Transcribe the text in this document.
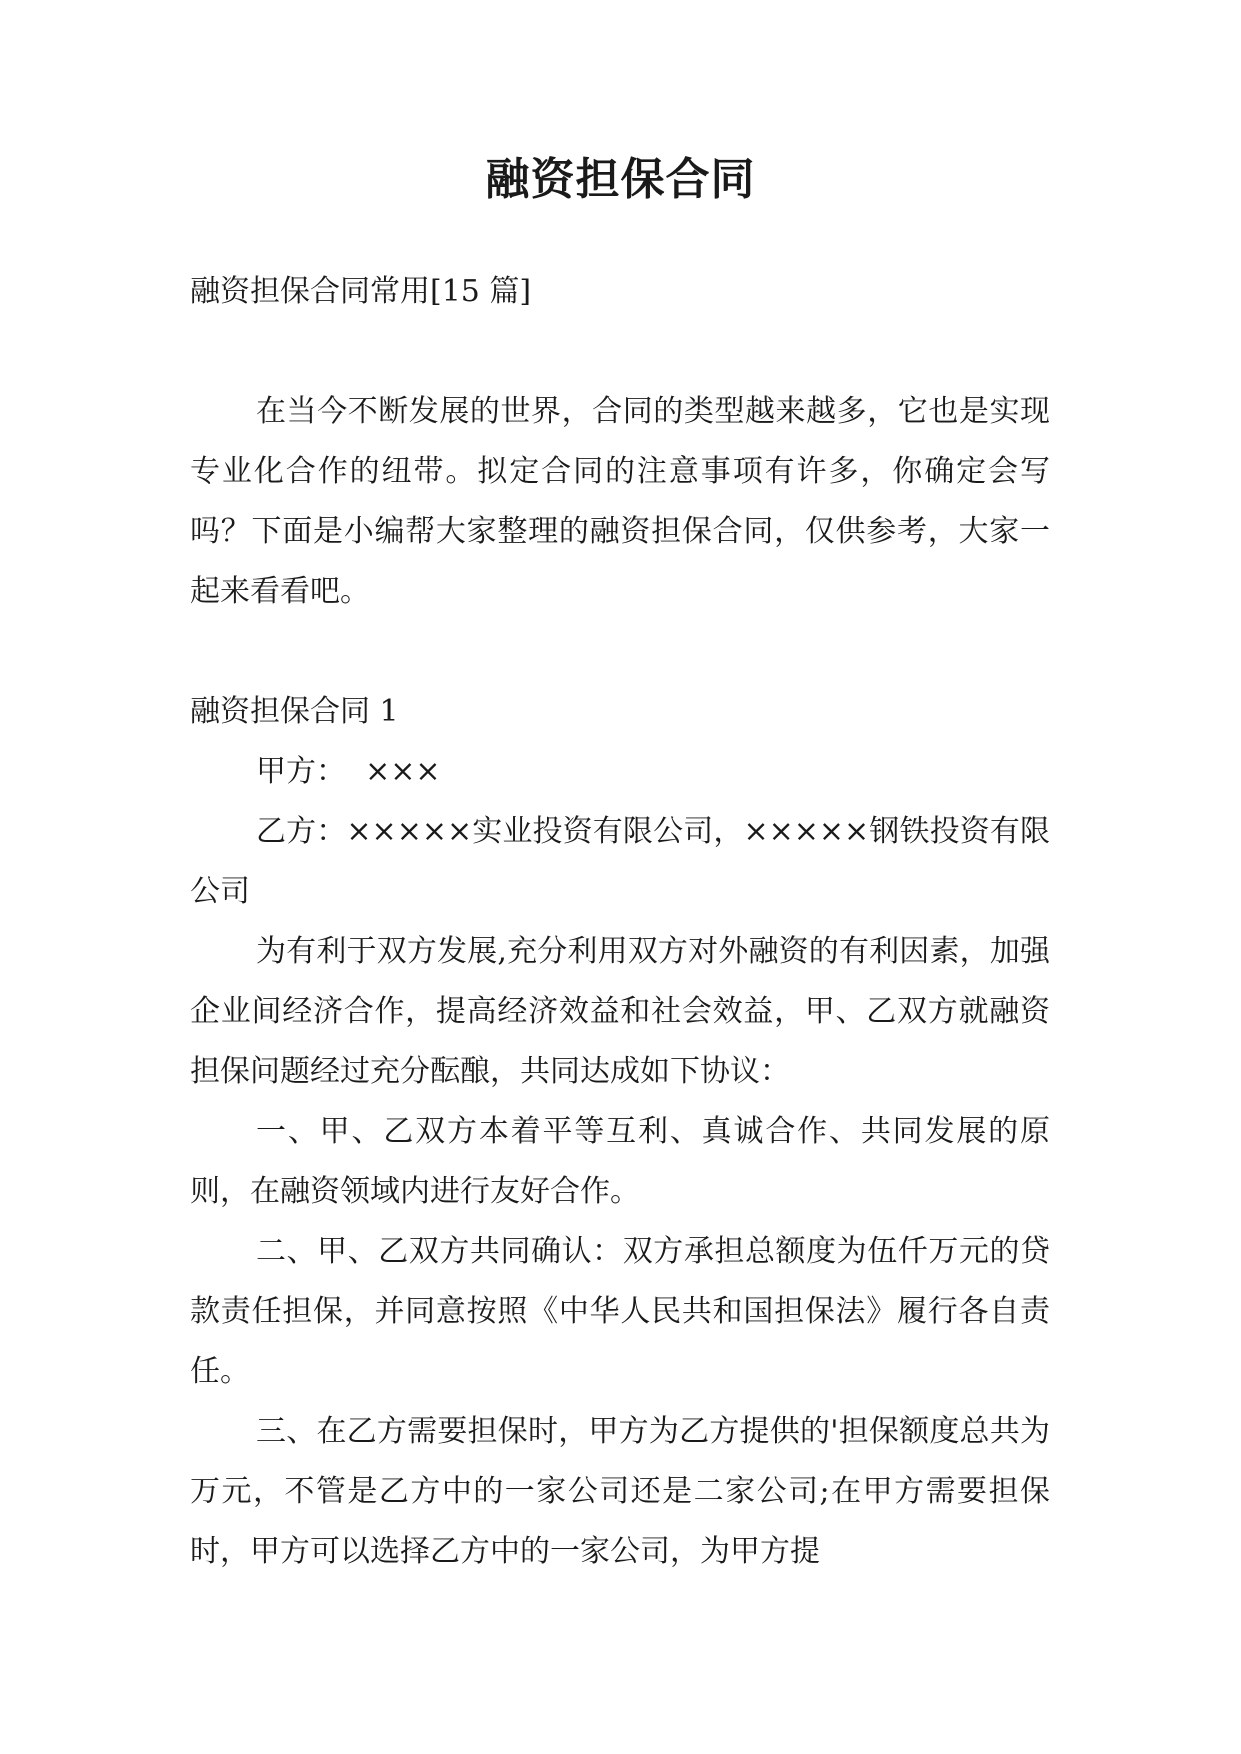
融资担保合同

融资担保合同常用[15 篇]

在当今不断发展的世界，合同的类型越来越多，它也是实现专业化合作的纽带。拟定合同的注意事项有许多，你确定会写吗？下面是小编帮大家整理的融资担保合同，仅供参考，大家一起来看看吧。

融资担保合同 1

甲方：  ×××

乙方：×××××实业投资有限公司，×××××钢铁投资有限公司

为有利于双方发展,充分利用双方对外融资的有利因素，加强企业间经济合作，提高经济效益和社会效益，甲、乙双方就融资担保问题经过充分酝酿，共同达成如下协议：

一、甲、乙双方本着平等互利、真诚合作、共同发展的原则，在融资领域内进行友好合作。

二、甲、乙双方共同确认：双方承担总额度为伍仟万元的贷款责任担保，并同意按照《中华人民共和国担保法》履行各自责任。

三、在乙方需要担保时，甲方为乙方提供的'担保额度总共为 万元，不管是乙方中的一家公司还是二家公司;在甲方需要担保时，甲方可以选择乙方中的一家公司，为甲方提
